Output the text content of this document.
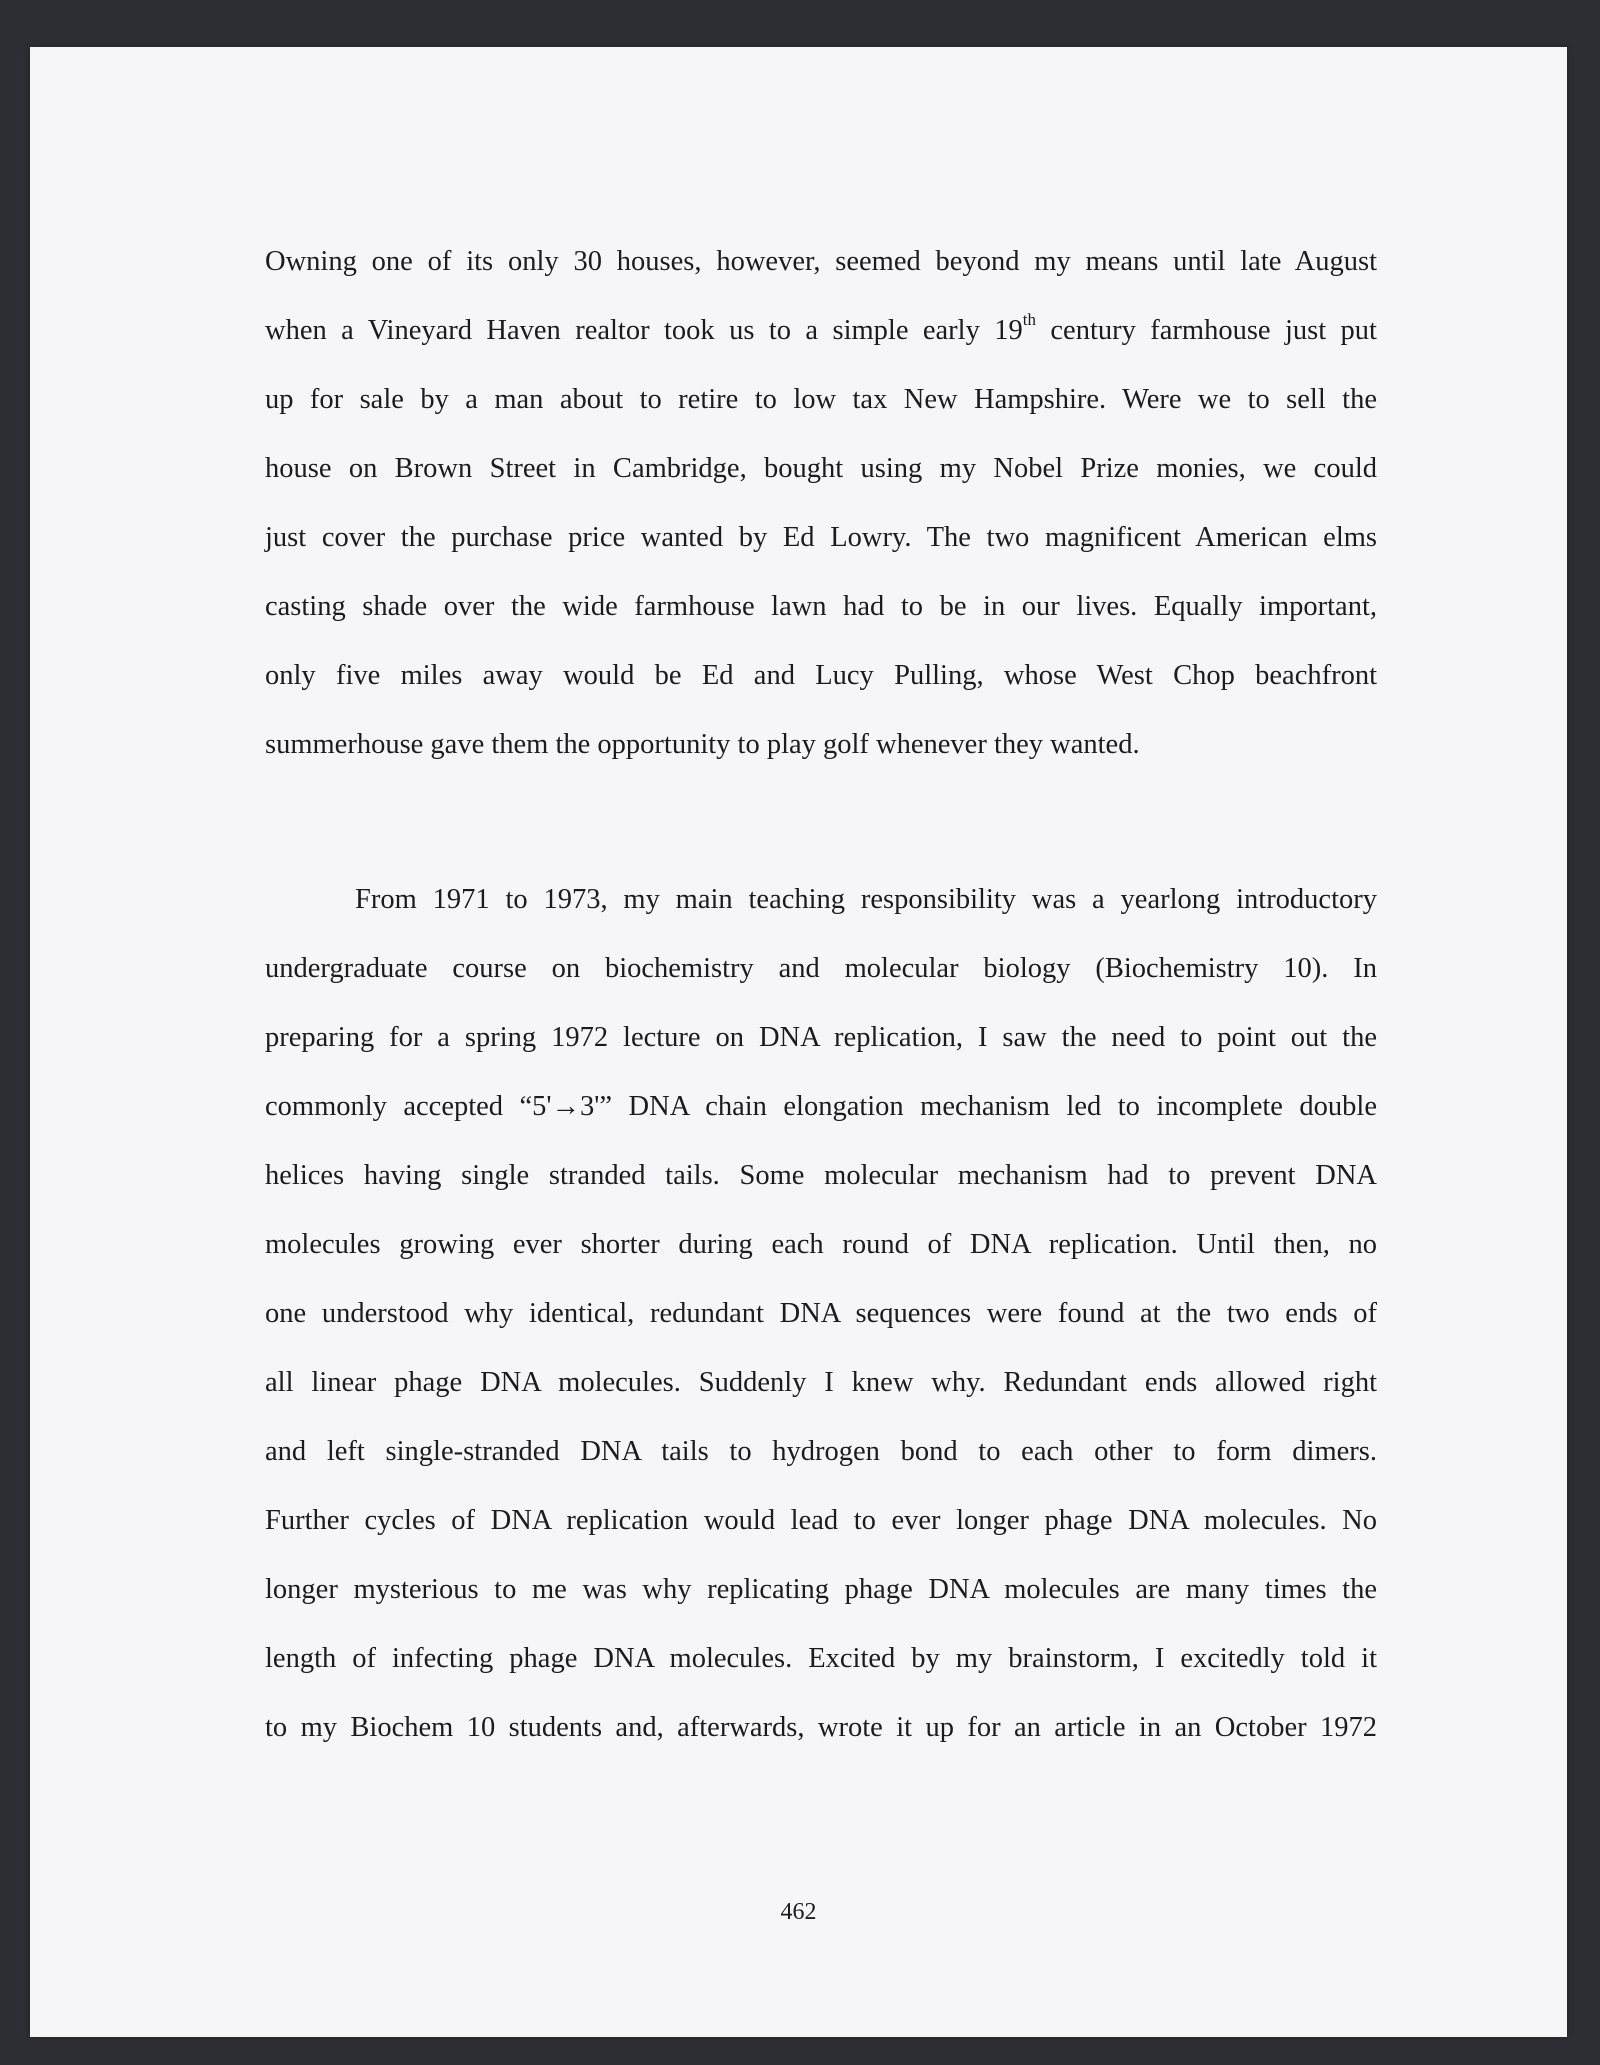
Owning one of its only 30 houses, however, seemed beyond my means until late August
when a Vineyard Haven realtor took us to a simple early 19th century farmhouse just put
up for sale by a man about to retire to low tax New Hampshire. Were we to sell the
house on Brown Street in Cambridge, bought using my Nobel Prize monies, we could
just cover the purchase price wanted by Ed Lowry. The two magnificent American elms
casting shade over the wide farmhouse lawn had to be in our lives. Equally important,
only five miles away would be Ed and Lucy Pulling, whose West Chop beachfront
summerhouse gave them the opportunity to play golf whenever they wanted.
From 1971 to 1973, my main teaching responsibility was a yearlong introductory
undergraduate course on biochemistry and molecular biology (Biochemistry 10). In
preparing for a spring 1972 lecture on DNA replication, I saw the need to point out the
commonly accepted “5'→3'” DNA chain elongation mechanism led to incomplete double
helices having single stranded tails. Some molecular mechanism had to prevent DNA
molecules growing ever shorter during each round of DNA replication. Until then, no
one understood why identical, redundant DNA sequences were found at the two ends of
all linear phage DNA molecules. Suddenly I knew why. Redundant ends allowed right
and left single-stranded DNA tails to hydrogen bond to each other to form dimers.
Further cycles of DNA replication would lead to ever longer phage DNA molecules. No
longer mysterious to me was why replicating phage DNA molecules are many times the
length of infecting phage DNA molecules. Excited by my brainstorm, I excitedly told it
to my Biochem 10 students and, afterwards, wrote it up for an article in an October 1972
462
